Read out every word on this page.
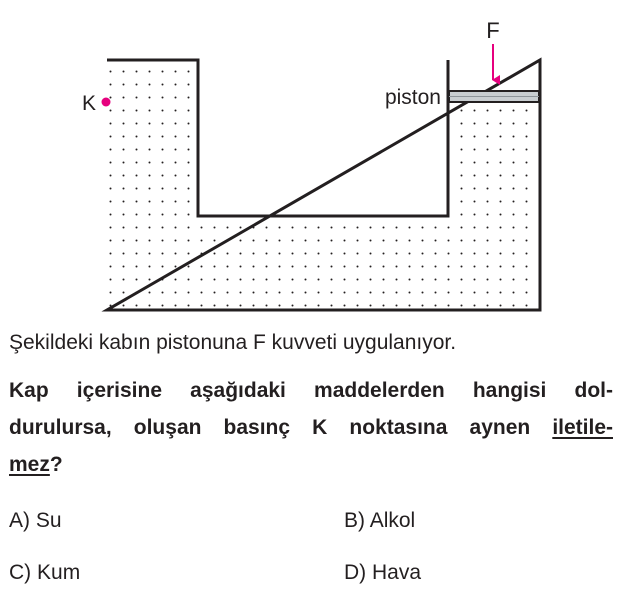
F
piston
K
Şekildeki kabın pistonuna F kuvveti uygulanıyor.
Kap içerisine aşağıdaki maddelerden hangisi dol-
durulursa, oluşan basınç K noktasına aynen iletile-
mez?
A) Su	B) Alkol
C) Kum	D) Hava
